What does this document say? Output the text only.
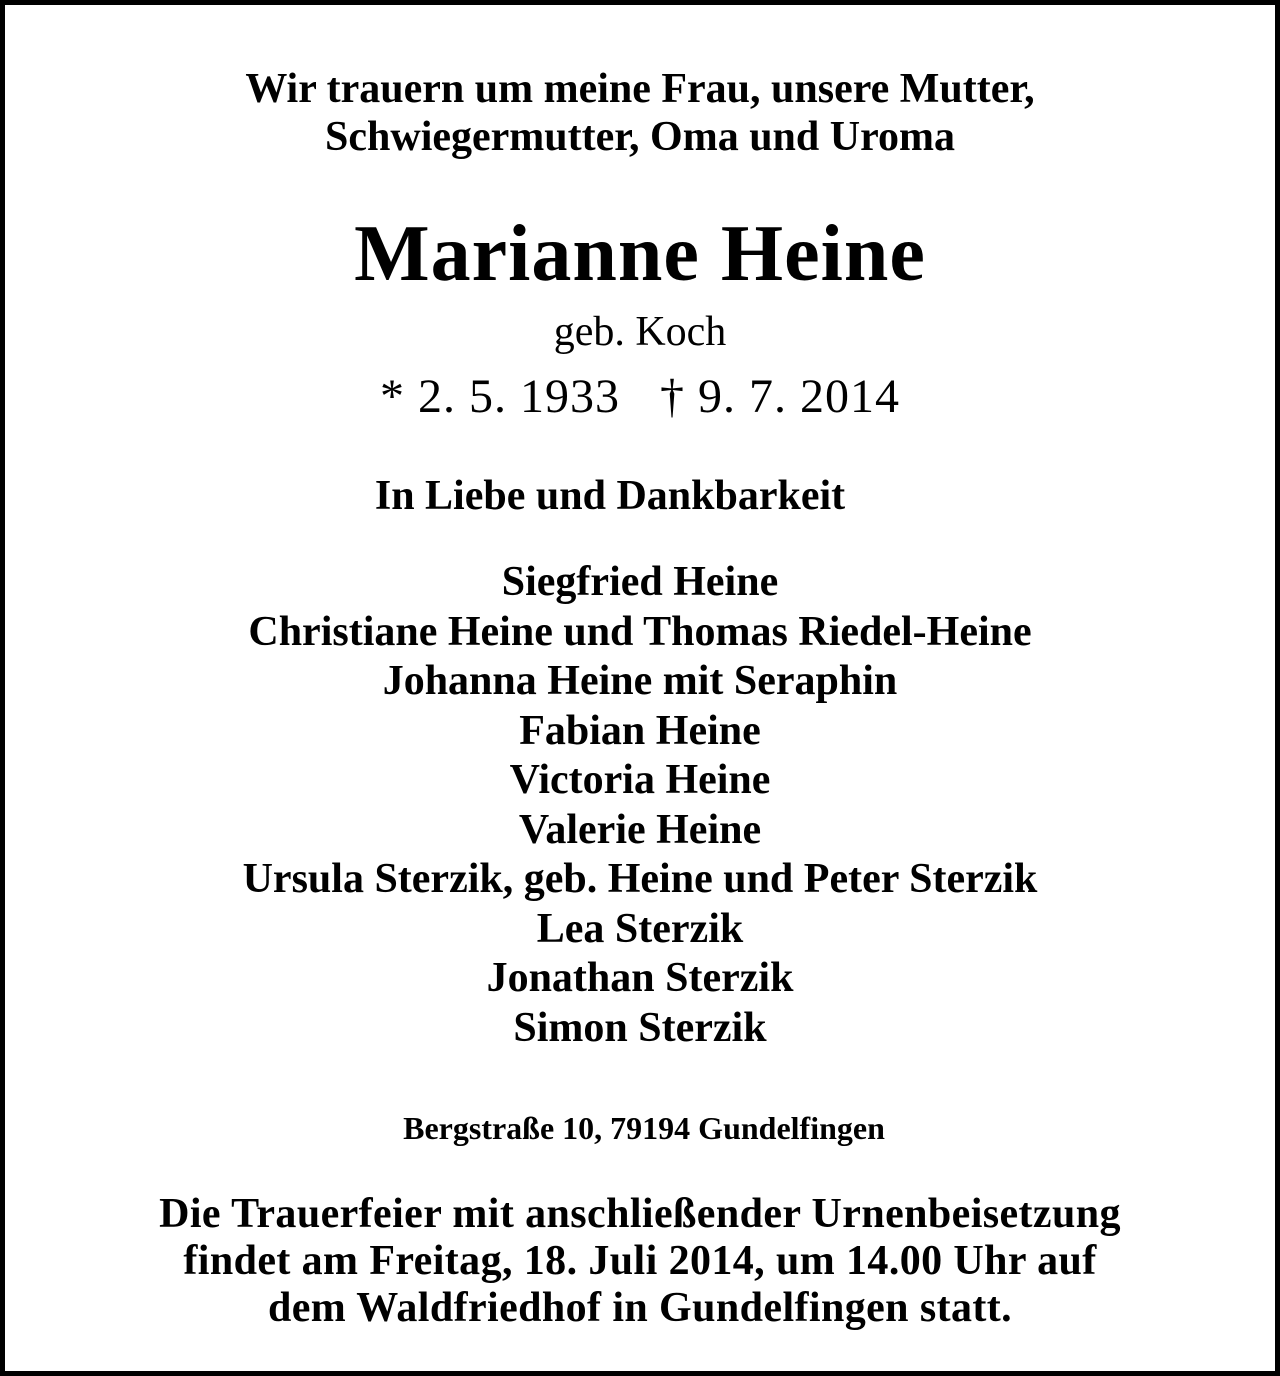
Wir trauern um meine Frau, unsere Mutter,
Schwiegermutter, Oma und Uroma
Marianne Heine
geb. Koch
* 2. 5. 1933 † 9. 7. 2014
In Liebe und Dankbarkeit
Siegfried Heine
Christiane Heine und Thomas Riedel-Heine
Johanna Heine mit Seraphin
Fabian Heine
Victoria Heine
Valerie Heine
Ursula Sterzik, geb. Heine und Peter Sterzik
Lea Sterzik
Jonathan Sterzik
Simon Sterzik
Bergstraße 10, 79194 Gundelfingen
Die Trauerfeier mit anschließender Urnenbeisetzung
findet am Freitag, 18. Juli 2014, um 14.00 Uhr auf
dem Waldfriedhof in Gundelfingen statt.
